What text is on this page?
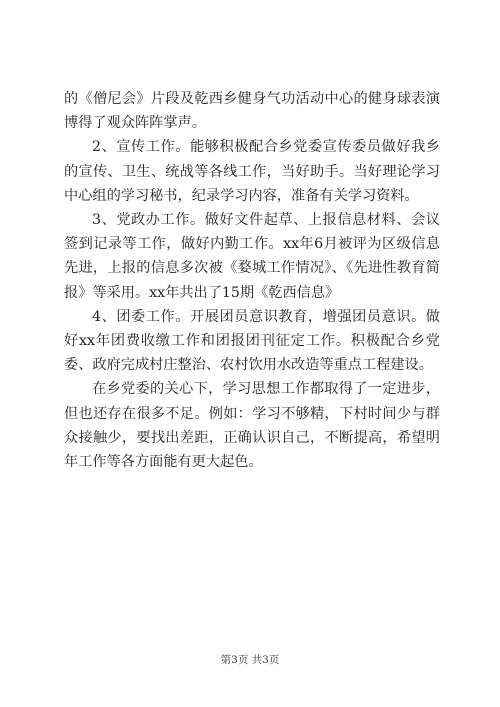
的《僧尼会》片段及乾西乡健身气功活动中心的健身球表演博得了观众阵阵掌声。

2、宣传工作。能够积极配合乡党委宣传委员做好我乡的宣传、卫生、统战等各线工作，当好助手。当好理论学习中心组的学习秘书，纪录学习内容，准备有关学习资料。

3、党政办工作。做好文件起草、上报信息材料、会议签到记录等工作，做好内勤工作。xx年6月被评为区级信息先进，上报的信息多次被《婺城工作情况》、《先进性教育简报》等采用。xx年共出了15期《乾西信息》

4、团委工作。开展团员意识教育，增强团员意识。做好xx年团费收缴工作和团报团刊征定工作。积极配合乡党委、政府完成村庄整治、农村饮用水改造等重点工程建设。

在乡党委的关心下，学习思想工作都取得了一定进步，但也还存在很多不足。例如：学习不够精，下村时间少与群众接触少，要找出差距，正确认识自己，不断提高，希望明年工作等各方面能有更大起色。

第3页 共3页
